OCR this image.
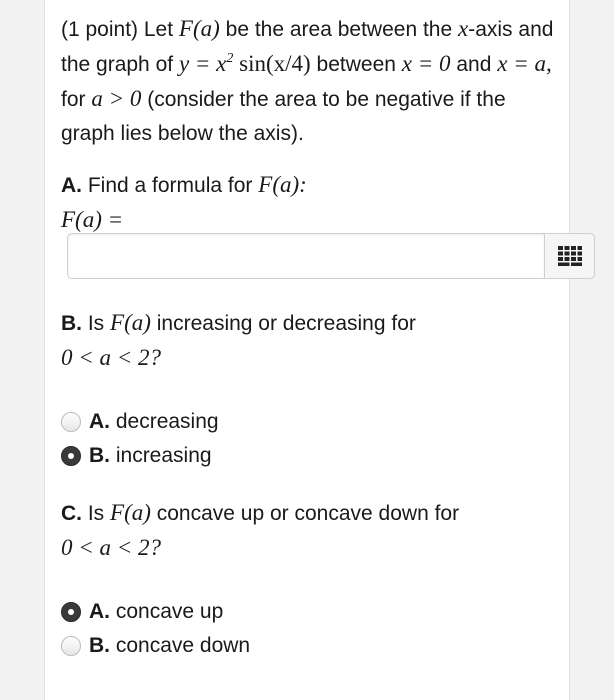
(1 point) Let F(a) be the area between the x-axis and the graph of $y = x^2$ sin(x/4) between x = 0 and x = a, for a > 0 (consider the area to be negative if the graph lies below the axis).

A. Find a formula for F(a):
F(a) =

B. Is F(a) increasing or decreasing for
0 < a < 2?

A.
decreasing
B.
increasing

C. Is F(a) concave up or concave down for
0 < a < 2?

A.
concave up
B.
concave down
